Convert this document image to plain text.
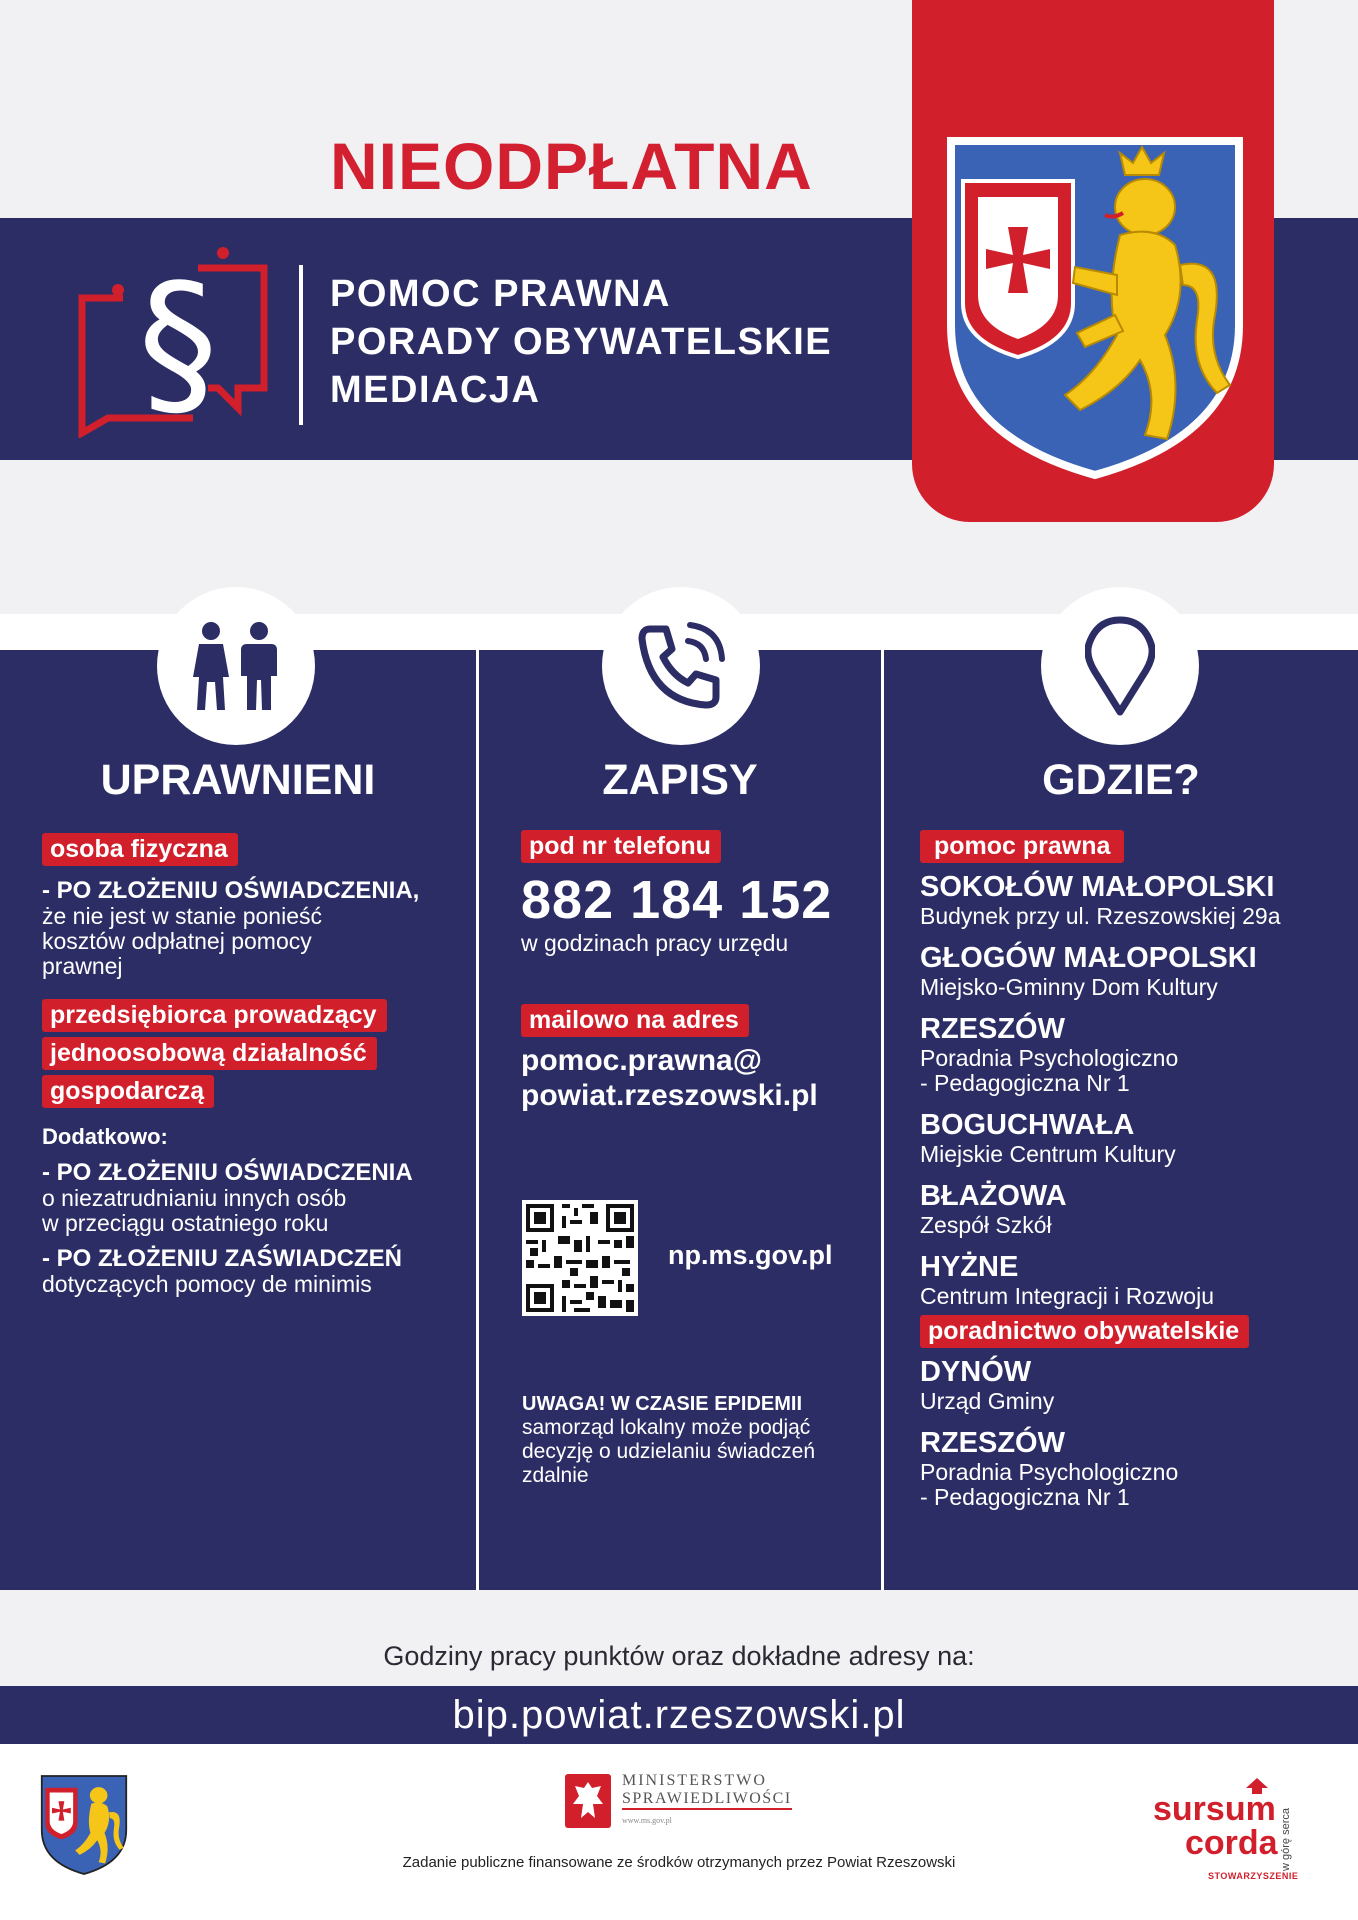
NIEODPŁATNA
§	POMOC PRAWNA
PORADY OBYWATELSKIE
MEDIACJA
UPRAWNIENI	ZAPISY	GDZIE?
osoba fizyczna
- PO ZŁOŻENIU OŚWIADCZENIA,
że nie jest w stanie ponieść
kosztów odpłatnej pomocy
prawnej
przedsiębiorca prowadzący
jednoosobową działalność
gospodarczą
Dodatkowo:
- PO ZŁOŻENIU OŚWIADCZENIA
o niezatrudnianiu innych osób
w przeciągu ostatniego roku
- PO ZŁOŻENIU ZAŚWIADCZEŃ
dotyczących pomocy de minimis
pod nr telefonu
882 184 152
w godzinach pracy urzędu
mailowo na adres
pomoc.prawna@
powiat.rzeszowski.pl
np.ms.gov.pl
UWAGA! W CZASIE EPIDEMII
samorząd lokalny może podjąć
decyzję o udzielaniu świadczeń
zdalnie
pomoc prawna
SOKOŁÓW MAŁOPOLSKI
Budynek przy ul. Rzeszowskiej 29a
GŁOGÓW MAŁOPOLSKI
Miejsko-Gminny Dom Kultury
RZESZÓW
Poradnia Psychologiczno
- Pedagogiczna Nr 1
BOGUCHWAŁA
Miejskie Centrum Kultury
BŁAŻOWA
Zespół Szkół
HYŻNE
Centrum Integracji i Rozwoju
poradnictwo obywatelskie
DYNÓW
Urząd Gminy
RZESZÓW
Poradnia Psychologiczno
- Pedagogiczna Nr 1
Godziny pracy punktów oraz dokładne adresy na:
bip.powiat.rzeszowski.pl
MINISTERSTWO
SPRAWIEDLIWOŚCI
www.ms.gov.pl	sursum
corda
STOWARZYSZENIE
w górę serca
Zadanie publiczne finansowane ze środków otrzymanych przez Powiat Rzeszowski
